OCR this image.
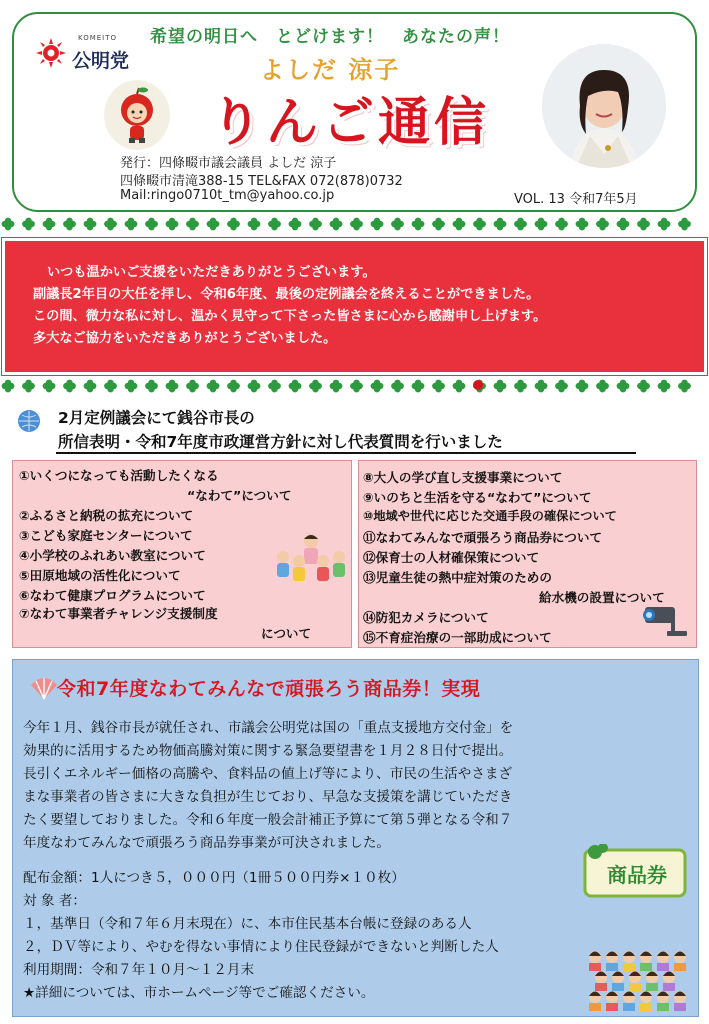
KOMEITO
公明党
希望の明日へ　とどけます！　あなたの声！
よしだ 涼子
りんご通信
発行：四條畷市議会議員 よしだ 涼子
四條畷市清滝388-15 TEL&FAX 072(878)0732
Mail:ringo0710t_tm@yahoo.co.jp	VOL. 13 令和7年5月

いつも温かいご支援をいただきありがとうございます。

副議長2年目の大任を拝し、令和6年度、最後の定例議会を終えることができました。

この間、微力な私に対し、温かく見守って下さった皆さまに心から感謝申し上げます。

多大なご協力をいただきありがとうございました。

2月定例議会にて銭谷市長の
所信表明・令和7年度市政運営方針に対し代表質問を行いました
①いくつになっても活動したくなる
“なわて”について
②ふるさと納税の拡充について
③こども家庭センターについて
④小学校のふれあい教室について
⑤田原地域の活性化について
⑥なわて健康プログラムについて
⑦なわて事業者チャレンジ支援制度
について
⑧大人の学び直し支援事業について
⑨いのちと生活を守る“なわて”について
⑩地域や世代に応じた交通手段の確保について
⑪なわてみんなで頑張ろう商品券について
⑫保育士の人材確保策について
⑬児童生徒の熱中症対策のための
給水機の設置について
⑭防犯カメラについて
⑮不育症治療の一部助成について
令和7年度なわてみんなで頑張ろう商品券！実現
今年１月、銭谷市長が就任され、市議会公明党は国の「重点支援地方交付金」を
効果的に活用するため物価高騰対策に関する緊急要望書を１月２８日付で提出。
長引くエネルギー価格の高騰や、食料品の値上げ等により、市民の生活やさまざ
まな事業者の皆さまに大きな負担が生じており、早急な支援策を講じていただき
たく要望しておりました。令和６年度一般会計補正予算にて第５弾となる令和７
年度なわてみんなで頑張ろう商品券事業が可決されました。
配布金額：1人につき５，０００円（1冊５００円券×１０枚）
対 象 者：
１，基準日（令和７年６月末現在）に、本市住民基本台帳に登録のある人
２，ＤＶ等により、やむを得ない事情により住民登録ができないと判断した人
利用期間：令和７年１０月～１２月末
★詳細については、市ホームページ等でご確認ください。
商品券
